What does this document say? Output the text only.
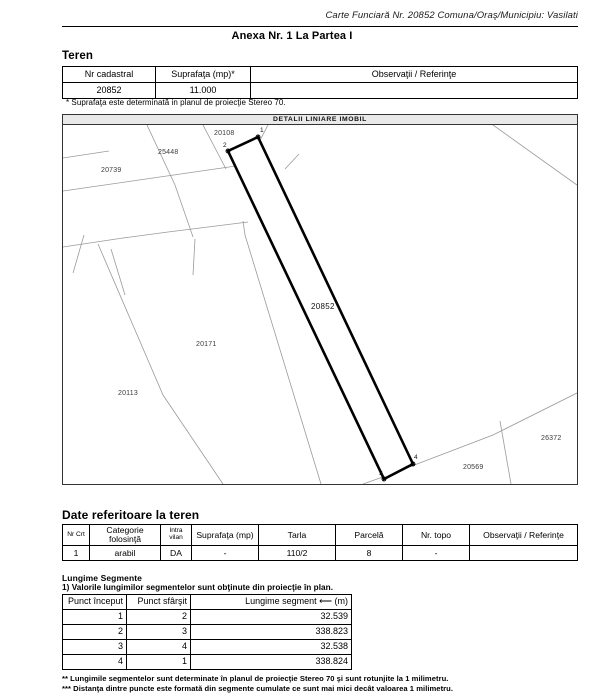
Carte Funciară Nr. 20852 Comuna/Oraş/Municipiu: Vasilati
Anexa Nr. 1 La Partea I
Teren
Nr cadastral	Suprafaţa (mp)*	Observaţii / Referinţe
20852	11.000	
* Suprafaţa este determinată in planul de proiecţie Stereo 70.
DETALII LINIARE IMOBIL
20739
25448
20108
20171
20113
26372
20569
20852
1
2
3
4
Date referitoare la teren
Nr Crt	Categorie folosinţă	Intra vilan	Suprafaţa (mp)	Tarla	Parcelă	Nr. topo	Observaţii / Referinţe
1	arabil	DA	-	110/2	8	-	
Lungime Segmente
1) Valorile lungimilor segmentelor sunt obţinute din proiecţie în plan.
Punct început	Punct sfârşit	Lungime segment ⟵ (m)
1	2	32.539
2	3	338.823
3	4	32.538
4	1	338.824
** Lungimile segmentelor sunt determinate în planul de proiecţie Stereo 70 şi sunt rotunjite la 1 milimetru.
*** Distanţa dintre puncte este formată din segmente cumulate ce sunt mai mici decât valoarea 1 milimetru.
